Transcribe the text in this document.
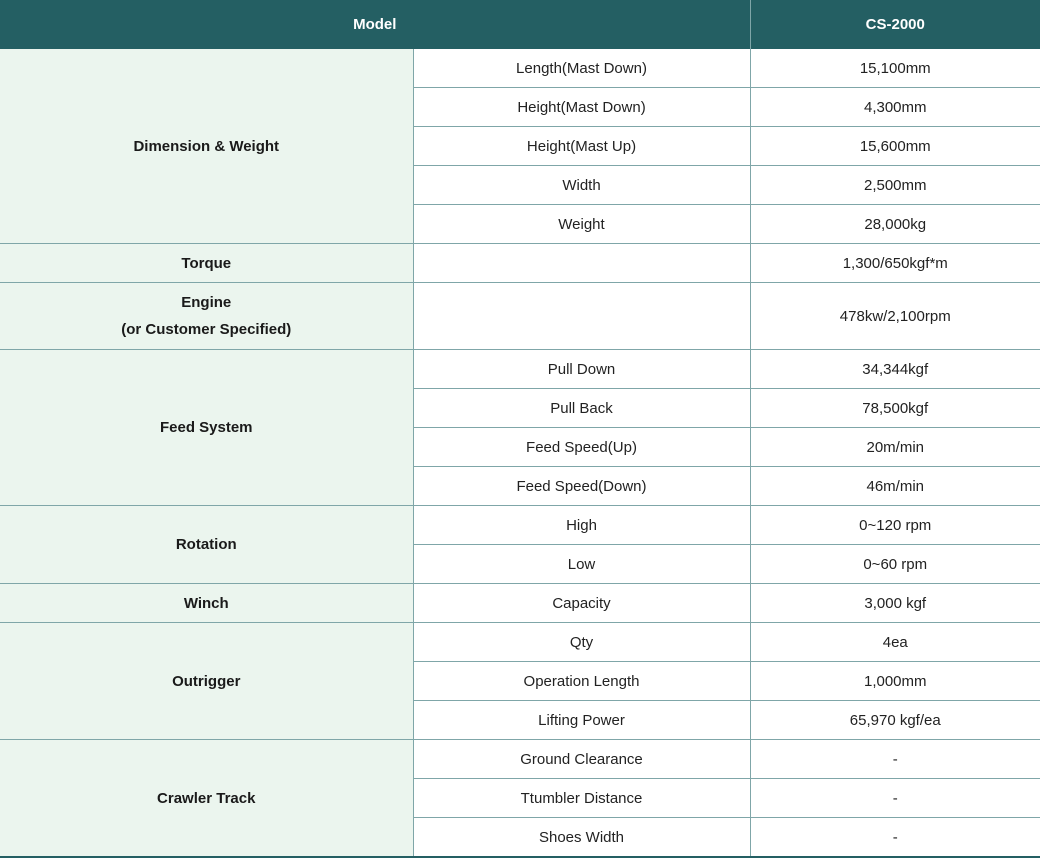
Model		CS-2000
Dimension & Weight	Length(Mast Down)	15,100mm
	Height(Mast Down)	4,300mm
	Height(Mast Up)	15,600mm
	Width	2,500mm
	Weight	28,000kg
Torque		1,300/650kgf*m
Engine
(or Customer Specified)		478kw/2,100rpm
Feed System	Pull Down	34,344kgf
	Pull Back	78,500kgf
	Feed Speed(Up)	20m/min
	Feed Speed(Down)	46m/min
Rotation	High	0~120 rpm
	Low	0~60 rpm
Winch	Capacity	3,000 kgf
Outrigger	Qty	4ea
	Operation Length	1,000mm
	Lifting Power	65,970 kgf/ea
Crawler Track	Ground Clearance	-
	Ttumbler Distance	-
	Shoes Width	-
